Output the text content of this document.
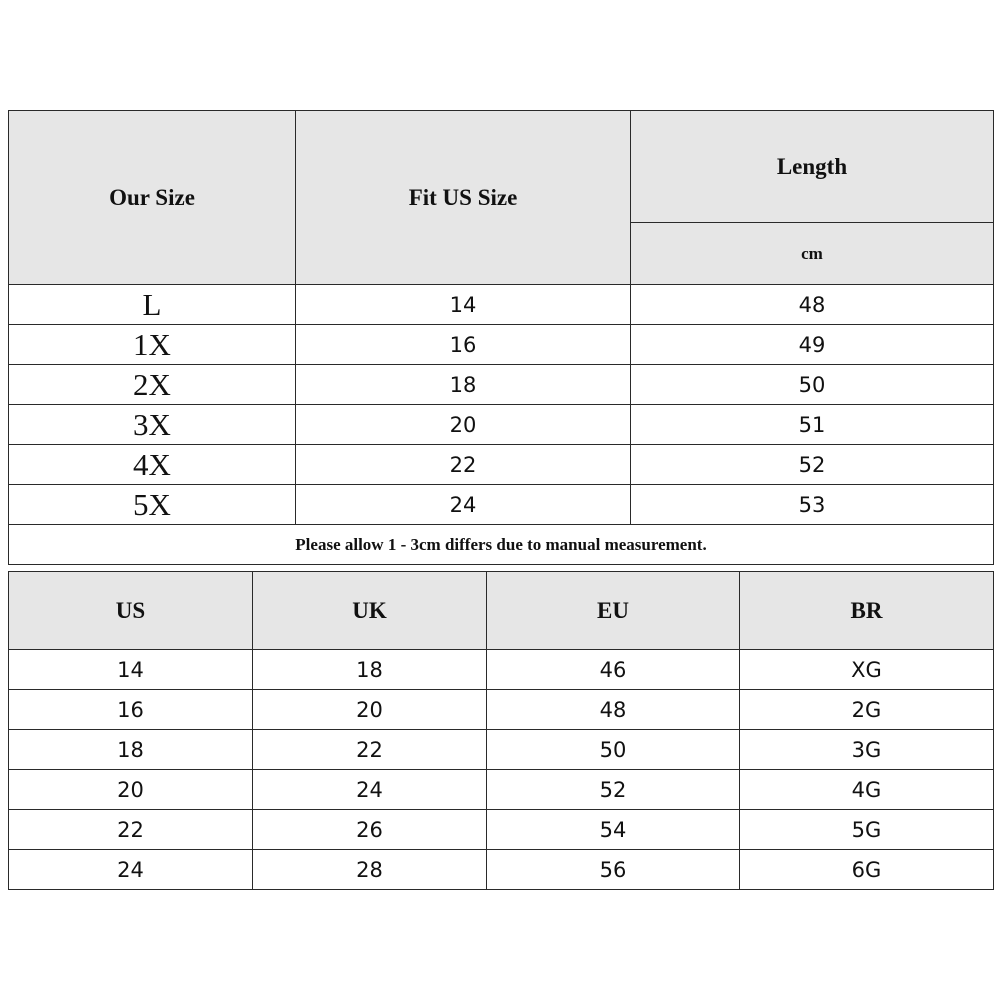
Our Size	Fit US Size	Length
		cm
L	14	48
1X	16	49
2X	18	50
3X	20	51
4X	22	52
5X	24	53
Please allow 1 - 3cm differs due to manual measurement.		
US	UK	EU	BR
14	18	46	XG
16	20	48	2G
18	22	50	3G
20	24	52	4G
22	26	54	5G
24	28	56	6G
